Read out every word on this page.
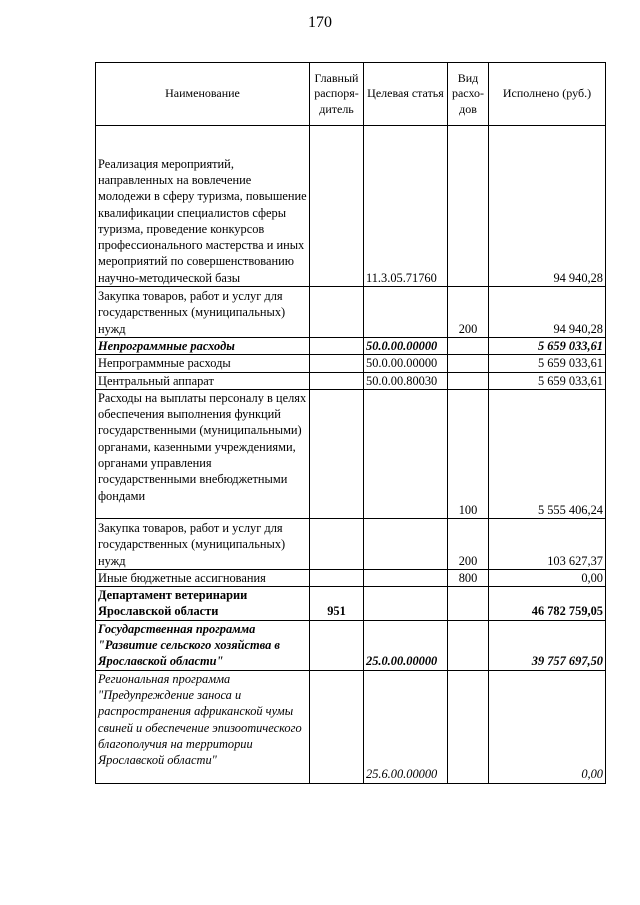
170
Наименование	Главный распоря-дитель	Целевая статья	Вид расхо-дов	Исполнено (руб.)
Реализация мероприятий, направленных на вовлечение молодежи в сферу туризма, повышение квалификации специалистов сферы туризма, проведение конкурсов профессионального мастерства и иных мероприятий по совершенствованию научно-методической базы		11.3.05.71760		94 940,28
Закупка товаров, работ и услуг для государственных (муниципальных) нужд			200	94 940,28
Непрограммные расходы		50.0.00.00000		5 659 033,61
Непрограммные расходы		50.0.00.00000		5 659 033,61
Центральный аппарат		50.0.00.80030		5 659 033,61
Расходы на выплаты персоналу в целях обеспечения выполнения функций государственными (муниципальными) органами, казенными учреждениями, органами управления государственными внебюджетными фондами			100	5 555 406,24
Закупка товаров, работ и услуг для государственных (муниципальных) нужд			200	103 627,37
Иные бюджетные ассигнования			800	0,00
Департамент ветеринарии Ярославской области	951			46 782 759,05
Государственная программа "Развитие сельского хозяйства в Ярославской области"		25.0.00.00000		39 757 697,50
Региональная программа "Предупреждение заноса и распространения африканской чумы свиней и обеспечение эпизоотического благополучия на территории Ярославской области"		25.6.00.00000		0,00
